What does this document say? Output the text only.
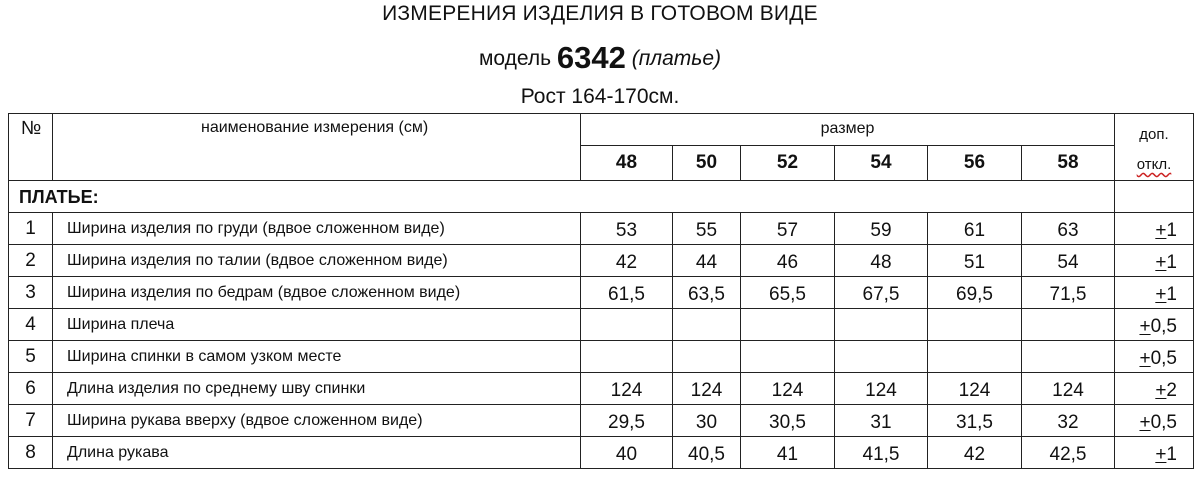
ИЗМЕРЕНИЯ ИЗДЕЛИЯ В ГОТОВОМ ВИДЕ
модель 6342 (платье)
Рост 164-170см.
№	наименование измерения (см)	размер						доп.
откл.
		48	50	52	54	56	58	
ПЛАТЬЕ:								
1	Ширина изделия по груди (вдвое сложенном виде)	53	55	57	59	61	63	+1
2	Ширина изделия по талии (вдвое сложенном виде)	42	44	46	48	51	54	+1
3	Ширина изделия по бедрам (вдвое сложенном виде)	61,5	63,5	65,5	67,5	69,5	71,5	+1
4	Ширина плеча							+0,5
5	Ширина спинки в самом узком месте							+0,5
6	Длина изделия по среднему шву спинки	124	124	124	124	124	124	+2
7	Ширина рукава вверху (вдвое сложенном виде)	29,5	30	30,5	31	31,5	32	+0,5
8	Длина рукава	40	40,5	41	41,5	42	42,5	+1
